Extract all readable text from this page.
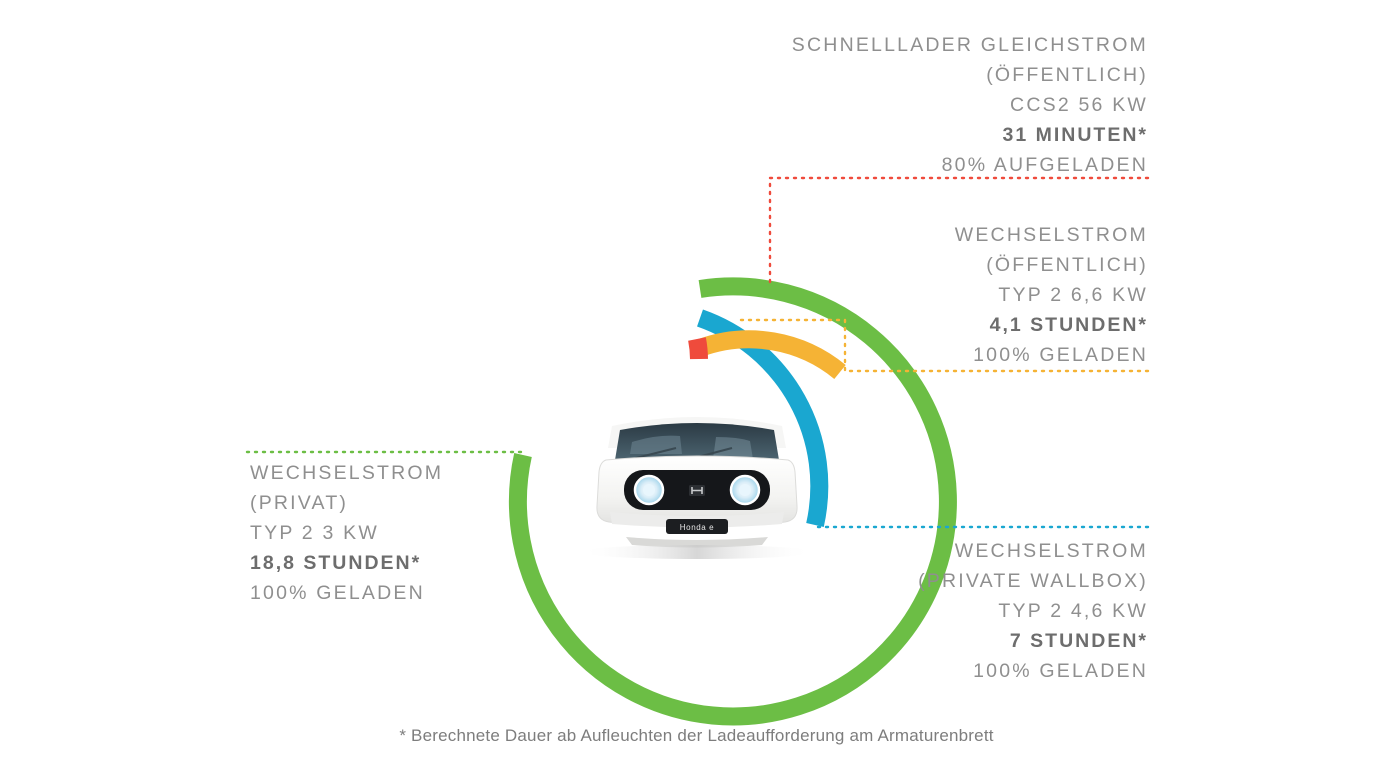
Honda e
SCHNELLLADER GLEICHSTROM
(ÖFFENTLICH)
CCS2 56 KW
31 MINUTEN*
80% AUFGELADEN
WECHSELSTROM
(ÖFFENTLICH)
TYP 2 6,6 KW
4,1 STUNDEN*
100% GELADEN
WECHSELSTROM
(PRIVATE WALLBOX)
TYP 2 4,6 KW
7 STUNDEN*
100% GELADEN
WECHSELSTROM
(PRIVAT)
TYP 2 3 KW
18,8 STUNDEN*
100% GELADEN
* Berechnete Dauer ab Aufleuchten der Ladeaufforderung am Armaturenbrett
